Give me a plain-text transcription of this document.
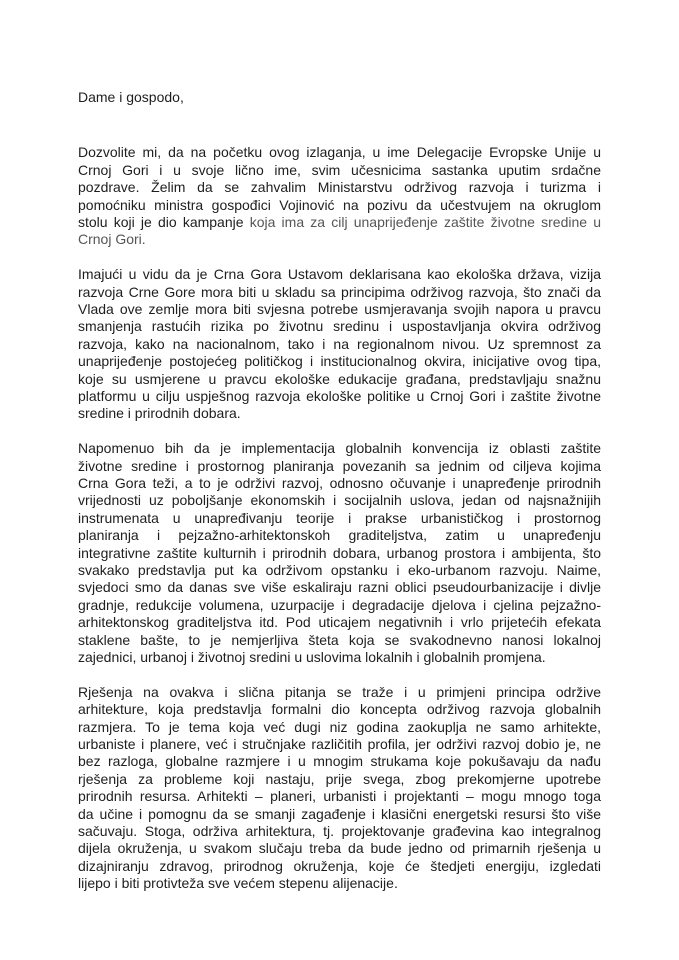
Dame i gospodo,
Dozvolite mi, da na početku ovog izlaganja, u ime Delegacije Evropske Unije u
Crnoj Gori i u svoje lično ime, svim učesnicima sastanka uputim srdačne
pozdrave. Želim da se zahvalim Ministarstvu održivog razvoja i turizma i
pomoćniku ministra gospođici Vojinović na pozivu da učestvujem na okruglom
stolu koji je dio kampanje koja ima za cilj unaprijeđenje zaštite životne sredine u
Crnoj Gori.
Imajući u vidu da je Crna Gora Ustavom deklarisana kao ekološka država, vizija
razvoja Crne Gore mora biti u skladu sa principima održivog razvoja, što znači da
Vlada ove zemlje mora biti svjesna potrebe usmjeravanja svojih napora u pravcu
smanjenja rastućih rizika po životnu sredinu i uspostavljanja okvira održivog
razvoja, kako na nacionalnom, tako i na regionalnom nivou. Uz spremnost za
unaprijeđenje postojećeg političkog i institucionalnog okvira, inicijative ovog tipa,
koje su usmjerene u pravcu ekološke edukacije građana, predstavljaju snažnu
platformu u cilju uspješnog razvoja ekološke politike u Crnoj Gori i zaštite životne
sredine i prirodnih dobara.
Napomenuo bih da je implementacija globalnih konvencija iz oblasti zaštite
životne sredine i prostornog planiranja povezanih sa jednim od ciljeva kojima
Crna Gora teži, a to je održivi razvoj, odnosno očuvanje i unapređenje prirodnih
vrijednosti uz poboljšanje ekonomskih i socijalnih uslova, jedan od najsnažnijih
instrumenata u unapređivanju teorije i prakse urbanističkog i prostornog
planiranja i pejzažno-arhitektonskoh graditeljstva, zatim u unapređenju
integrativne zaštite kulturnih i prirodnih dobara, urbanog prostora i ambijenta, što
svakako predstavlja put ka održivom opstanku i eko-urbanom razvoju. Naime,
svjedoci smo da danas sve više eskaliraju razni oblici pseudourbanizacije i divlje
gradnje, redukcije volumena, uzurpacije i degradacije djelova i cjelina pejzažno-
arhitektonskog graditeljstva itd. Pod uticajem negativnih i vrlo prijetećih efekata
staklene bašte, to je nemjerljiva šteta koja se svakodnevno nanosi lokalnoj
zajednici, urbanoj i životnoj sredini u uslovima lokalnih i globalnih promjena.
Rješenja na ovakva i slična pitanja se traže i u primjeni principa održive
arhitekture, koja predstavlja formalni dio koncepta održivog razvoja globalnih
razmjera. To je tema koja već dugi niz godina zaokuplja ne samo arhitekte,
urbaniste i planere, već i stručnjake različitih profila, jer održivi razvoj dobio je, ne
bez razloga, globalne razmjere i u mnogim strukama koje pokušavaju da nađu
rješenja za probleme koji nastaju, prije svega, zbog prekomjerne upotrebe
prirodnih resursa. Arhitekti – planeri, urbanisti i projektanti – mogu mnogo toga
da učine i pomognu da se smanji zagađenje i klasični energetski resursi što više
sačuvaju. Stoga, održiva arhitektura, tj. projektovanje građevina kao integralnog
dijela okruženja, u svakom slučaju treba da bude jedno od primarnih rješenja u
dizajniranju zdravog, prirodnog okruženja, koje će štedjeti energiju, izgledati
lijepo i biti protivteža sve većem stepenu alijenacije.
